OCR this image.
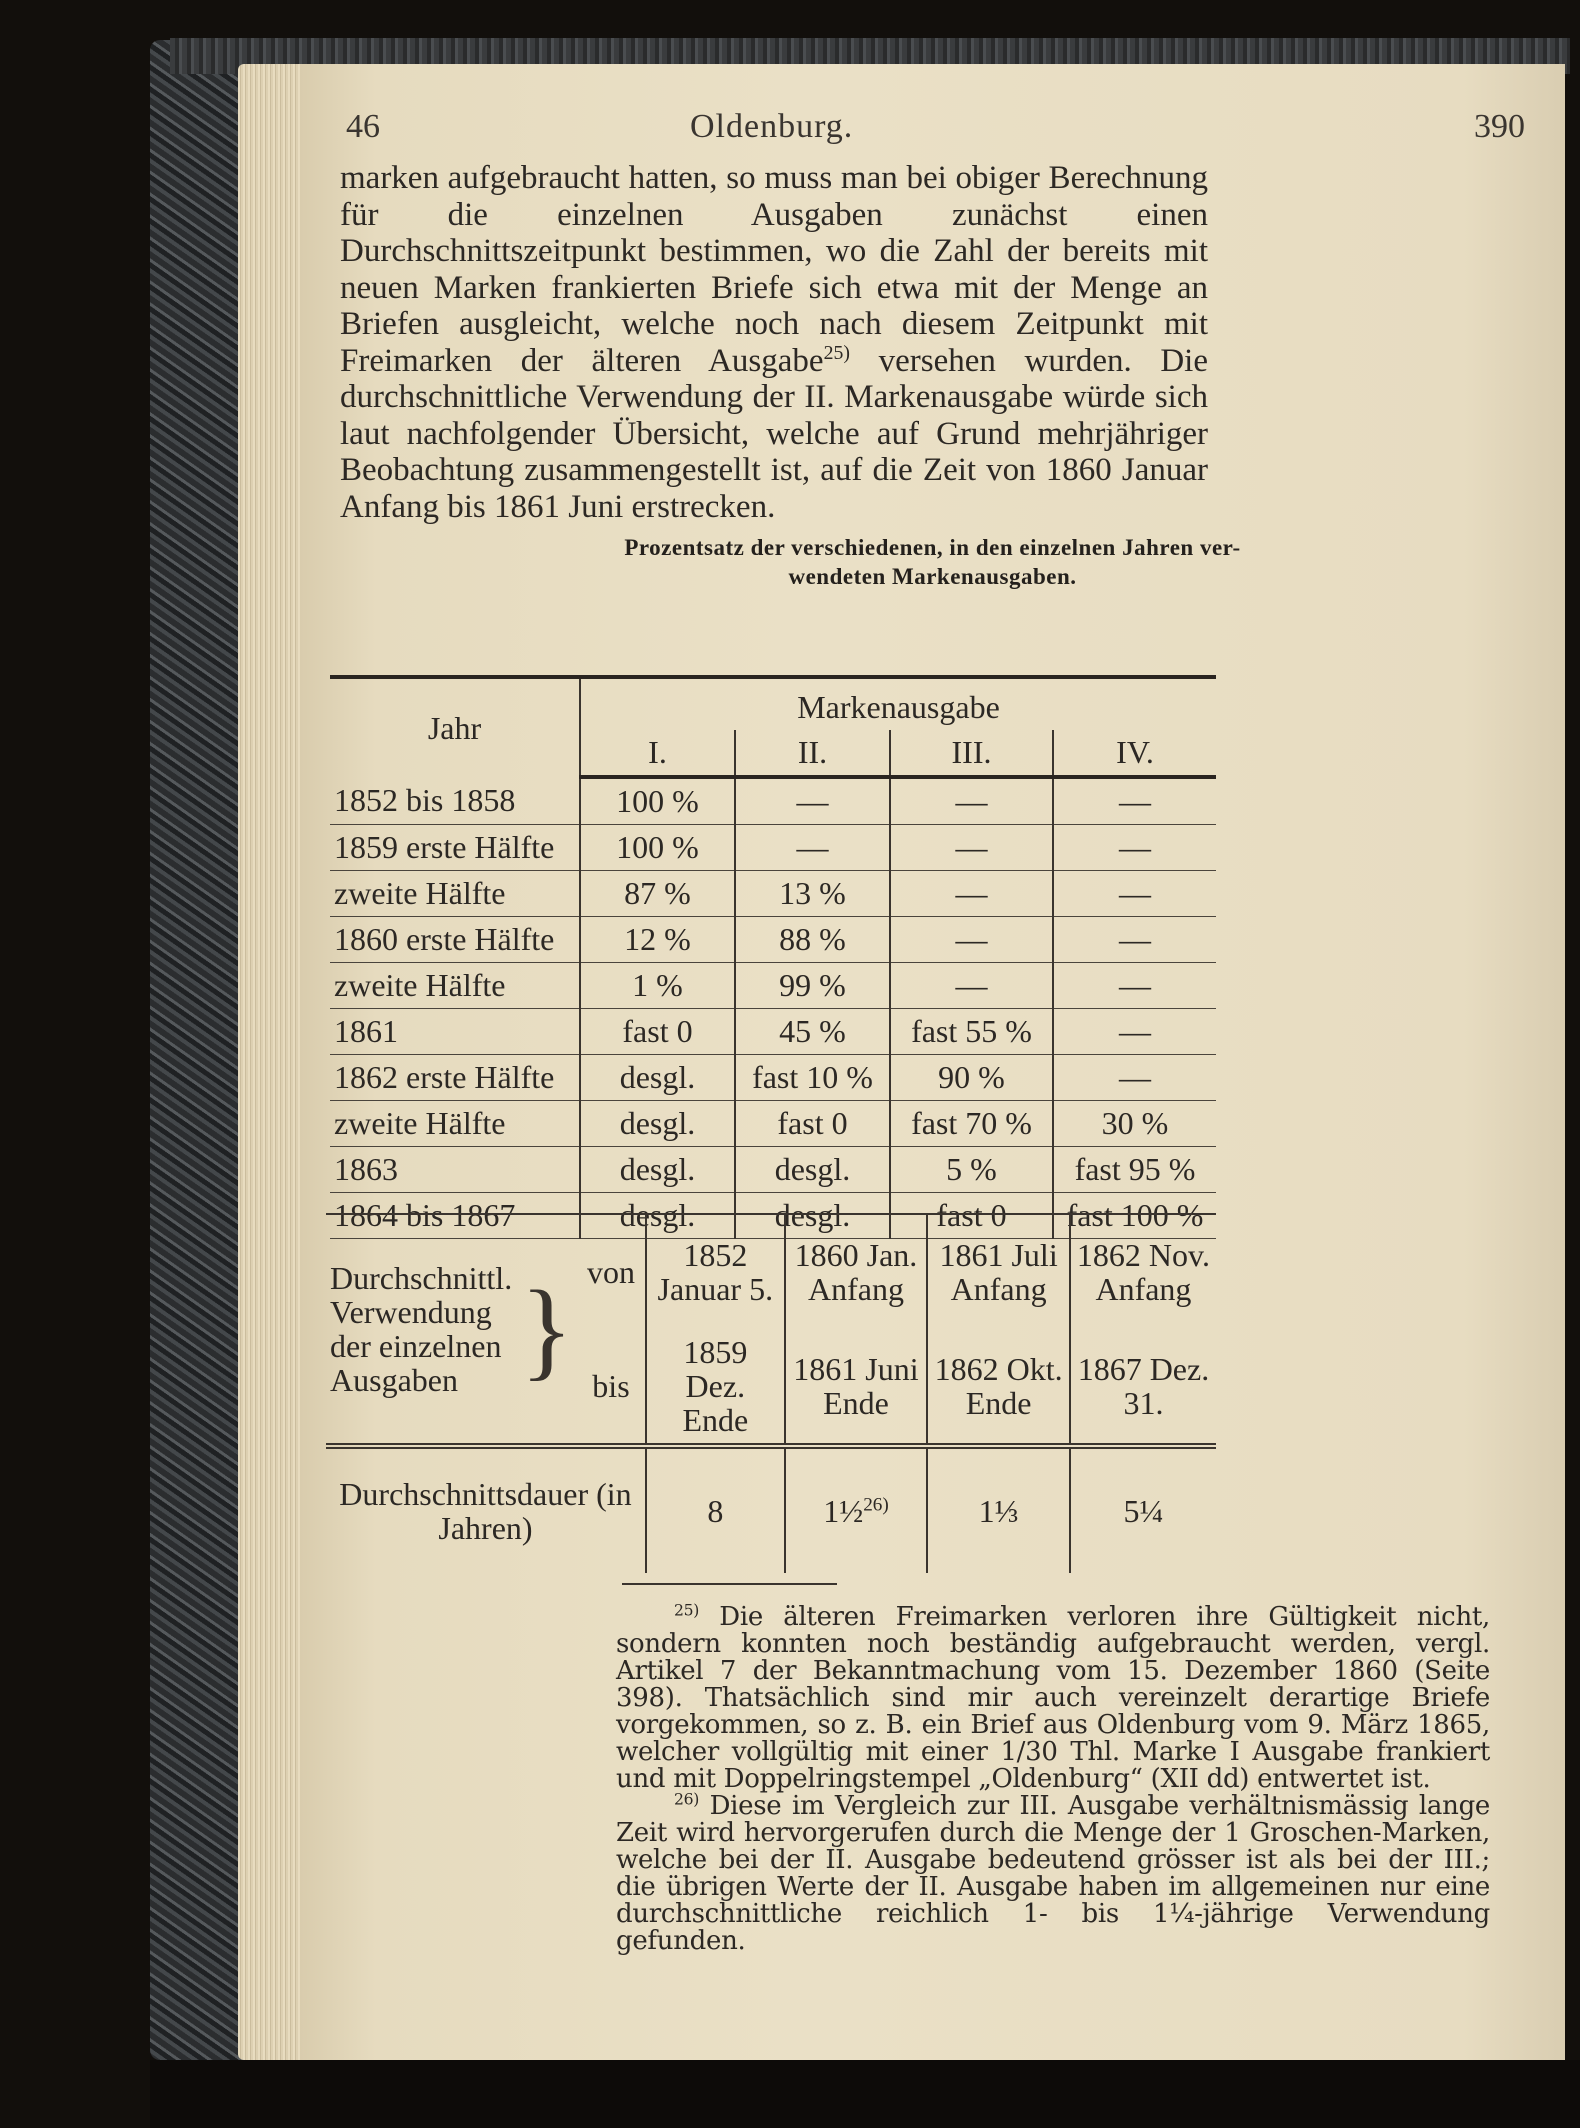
46	Oldenburg.	390
marken aufgebraucht hatten, so muss man bei obiger Berechnung für die einzelnen Ausgaben zunächst einen Durchschnittszeitpunkt bestimmen, wo die Zahl der bereits mit neuen Marken frankierten Briefe sich etwa mit der Menge an Briefen ausgleicht, welche noch nach diesem Zeitpunkt mit Freimarken der älteren Ausgabe$^{25)}$ versehen wurden. Die durchschnittliche Verwendung der II. Markenausgabe würde sich laut nachfolgender Übersicht, welche auf Grund mehrjähriger Beobachtung zusammengestellt ist, auf die Zeit von 1860 Januar Anfang bis 1861 Juni erstrecken.
Prozentsatz der verschiedenen, in den einzelnen Jahren ver-
wendeten Markenausgaben.
Jahr	Markenausgabe			
	I.	II.	III.	IV.
1852 bis 1858	100 %	—	—	—
1859 erste Hälfte	100 %	—	—	—
zweite Hälfte	87 %	13 %	—	—
1860 erste Hälfte	12 %	88 %	—	—
zweite Hälfte	1 %	99 %	—	—
1861	fast 0	45 %	fast 55 %	—
1862 erste Hälfte	desgl.	fast 10 %	90 %	—
zweite Hälfte	desgl.	fast 0	fast 70 %	30 %
1863	desgl.	desgl.	5 %	fast 95 %
1864 bis 1867	desgl.	desgl.	fast 0	fast 100 %
Durchschnittl. Verwendung der einzelnen Ausgaben	}	von	1852 Januar 5.	1860 Jan. Anfang	1861 Juli Anfang	1862 Nov. Anfang
		bis	1859 Dez. Ende	1861 Juni Ende	1862 Okt. Ende	1867 Dez. 31.
Durchschnittsdauer (in Jahren)			8	1½$^{26)}$	1⅓	5¼

$^{25)}$ Die älteren Freimarken verloren ihre Gültigkeit nicht, sondern konnten noch beständig aufgebraucht werden, vergl. Artikel 7 der Bekanntmachung vom 15. Dezember 1860 (Seite 398). Thatsächlich sind mir auch vereinzelt derartige Briefe vorgekommen, so z. B. ein Brief aus Oldenburg vom 9. März 1865, welcher vollgültig mit einer 1/30 Thl. Marke I Ausgabe frankiert und mit Doppelringstempel „Oldenburg“ (XII dd) entwertet ist.

$^{26)}$ Diese im Vergleich zur III. Ausgabe verhältnismässig lange Zeit wird hervorgerufen durch die Menge der 1 Groschen-Marken, welche bei der II. Ausgabe bedeutend grösser ist als bei der III.; die übrigen Werte der II. Ausgabe haben im allgemeinen nur eine durchschnittliche reichlich 1- bis 1¼-jährige Verwendung gefunden.
